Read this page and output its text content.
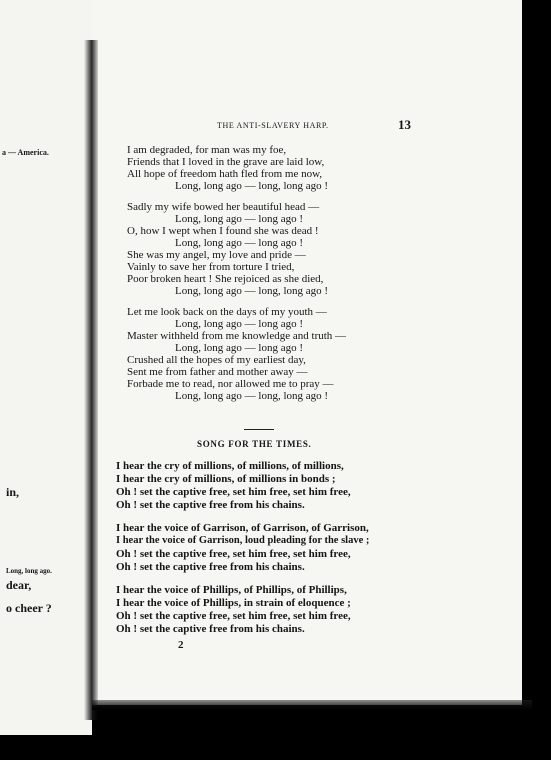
a — America.

in,

Long, long ago.

dear,

o cheer ?

THE ANTI-SLAVERY HARP.	13

I am degraded, for man was my foe,

Friends that I loved in the grave are laid low,

All hope of freedom hath fled from me now,

Long, long ago — long, long ago !

Sadly my wife bowed her beautiful head —

Long, long ago — long ago !

O, how I wept when I found she was dead !

Long, long ago — long ago !

She was my angel, my love and pride —

Vainly to save her from torture I tried,

Poor broken heart ! She rejoiced as she died,

Long, long ago — long, long ago !

Let me look back on the days of my youth —

Long, long ago — long ago !

Master withheld from me knowledge and truth —

Long, long ago — long ago !

Crushed all the hopes of my earliest day,

Sent me from father and mother away —

Forbade me to read, nor allowed me to pray —

Long, long ago — long, long ago !

SONG FOR THE TIMES.

I hear the cry of millions, of millions, of millions,

I hear the cry of millions, of millions in bonds ;

Oh ! set the captive free, set him free, set him free,

Oh ! set the captive free from his chains.

I hear the voice of Garrison, of Garrison, of Garrison,

I hear the voice of Garrison, loud pleading for the slave ;

Oh ! set the captive free, set him free, set him free,

Oh ! set the captive free from his chains.

I hear the voice of Phillips, of Phillips, of Phillips,

I hear the voice of Phillips, in strain of eloquence ;

Oh ! set the captive free, set him free, set him free,

Oh ! set the captive free from his chains.

2
